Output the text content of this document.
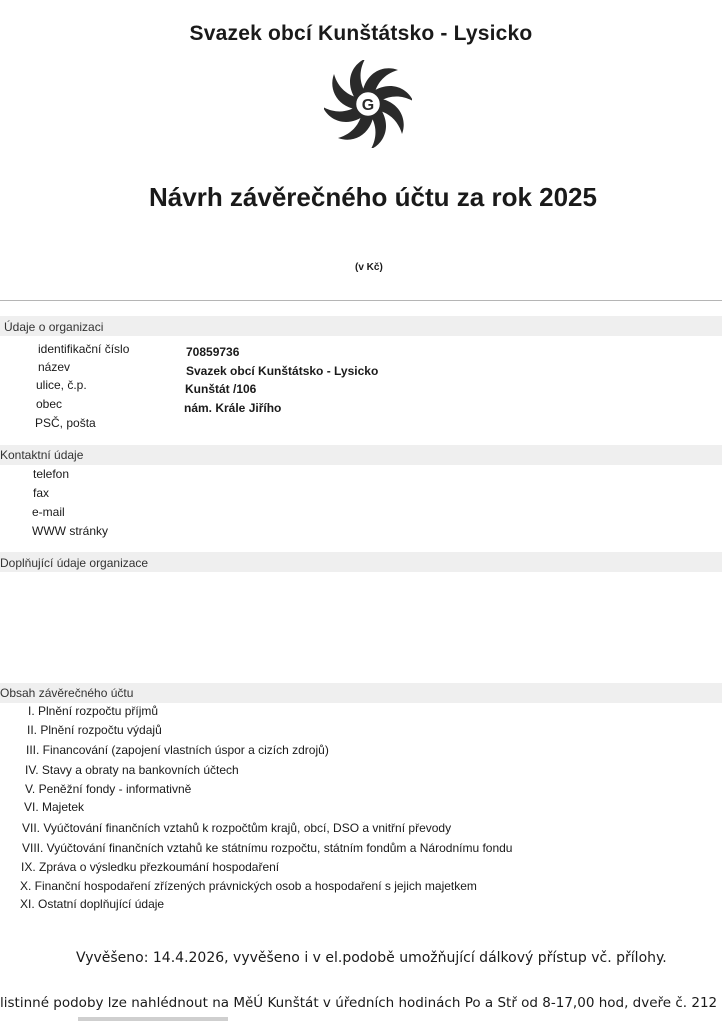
Svazek obcí Kunštátsko - Lysicko
G
Návrh závěrečného účtu za rok 2025
(v Kč)
Údaje o organizaci
identifikační číslo	70859736
název	Svazek obcí Kunštátsko - Lysicko
ulice, č.p.	Kunštát /106
obec	nám. Krále Jiřího
PSČ, pošta
Kontaktní údaje
telefon
fax
e-mail
WWW stránky
Doplňující údaje organizace
Obsah závěrečného účtu
I. Plnění rozpočtu příjmů
II. Plnění rozpočtu výdajů
III. Financování (zapojení vlastních úspor a cizích zdrojů)
IV. Stavy a obraty na bankovních účtech
V. Peněžní fondy - informativně
VI. Majetek
VII. Vyúčtování finančních vztahů k rozpočtům krajů, obcí, DSO a vnitřní převody
VIII. Vyúčtování finančních vztahů ke státnímu rozpočtu, státním fondům a Národnímu fondu
IX. Zpráva o výsledku přezkoumání hospodaření
X. Finanční hospodaření zřízených právnických osob a hospodaření s jejich majetkem
XI. Ostatní doplňující údaje
Vyvěšeno: 14.4.2026, vyvěšeno i v el.podobě umožňující dálkový přístup vč. přílohy.
listinné podoby lze nahlédnout na MěÚ Kunštát v úředních hodinách Po a Stř od 8-17,00 hod, dveře č. 212
